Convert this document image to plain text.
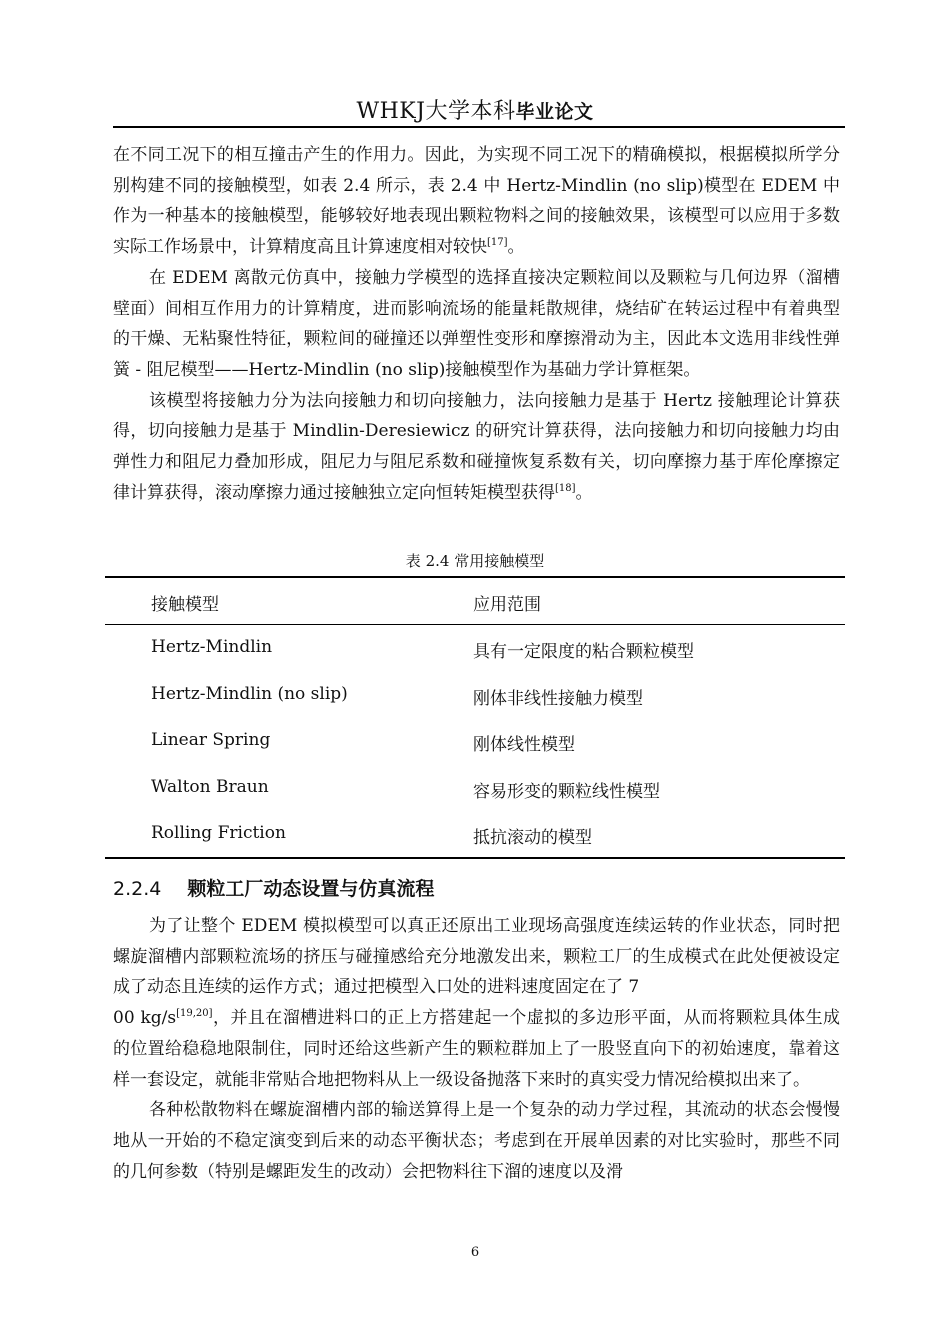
WHKJ大学本科毕业论文

在不同工况下的相互撞击产生的作用力。因此，为实现不同工况下的精确模拟，根据模拟所学分别构建不同的接触模型，如表 2.4 所示，表 2.4 中 Hertz-Mindlin (no slip)模型在 EDEM 中作为一种基本的接触模型，能够较好地表现出颗粒物料之间的接触效果，该模型可以应用于多数实际工作场景中，计算精度高且计算速度相对较快[17]。

在 EDEM 离散元仿真中，接触力学模型的选择直接决定颗粒间以及颗粒与几何边界（溜槽壁面）间相互作用力的计算精度，进而影响流场的能量耗散规律，烧结矿在转运过程中有着典型的干燥、无粘聚性特征，颗粒间的碰撞还以弹塑性变形和摩擦滑动为主，因此本文选用非线性弹簧 - 阻尼模型——Hertz-Mindlin (no slip)接触模型作为基础力学计算框架。

该模型将接触力分为法向接触力和切向接触力，法向接触力是基于 Hertz 接触理论计算获得，切向接触力是基于 Mindlin-Deresiewicz 的研究计算获得，法向接触力和切向接触力均由弹性力和阻尼力叠加形成，阻尼力与阻尼系数和碰撞恢复系数有关，切向摩擦力基于库伦摩擦定律计算获得，滚动摩擦力通过接触独立定向恒转矩模型获得[18]。

表 2.4 常用接触模型
接触模型	应用范围
Hertz-Mindlin	具有一定限度的粘合颗粒模型
Hertz-Mindlin (no slip)	刚体非线性接触力模型
Linear Spring	刚体线性模型
Walton Braun	容易形变的颗粒线性模型
Rolling Friction	抵抗滚动的模型
2.2.4 颗粒工厂动态设置与仿真流程

为了让整个 EDEM 模拟模型可以真正还原出工业现场高强度连续运转的作业状态，同时把螺旋溜槽内部颗粒流场的挤压与碰撞感给充分地激发出来，颗粒工厂的生成模式在此处便被设定成了动态且连续的运作方式；通过把模型入口处的进料速度固定在了 7
00 kg/s[19,20]，并且在溜槽进料口的正上方搭建起一个虚拟的多边形平面，从而将颗粒具体生成的位置给稳稳地限制住，同时还给这些新产生的颗粒群加上了一股竖直向下的初始速度，靠着这样一套设定，就能非常贴合地把物料从上一级设备抛落下来时的真实受力情况给模拟出来了。

各种松散物料在螺旋溜槽内部的输送算得上是一个复杂的动力学过程，其流动的状态会慢慢地从一开始的不稳定演变到后来的动态平衡状态；考虑到在开展单因素的对比实验时，那些不同的几何参数（特别是螺距发生的改动）会把物料往下溜的速度以及滑

6
